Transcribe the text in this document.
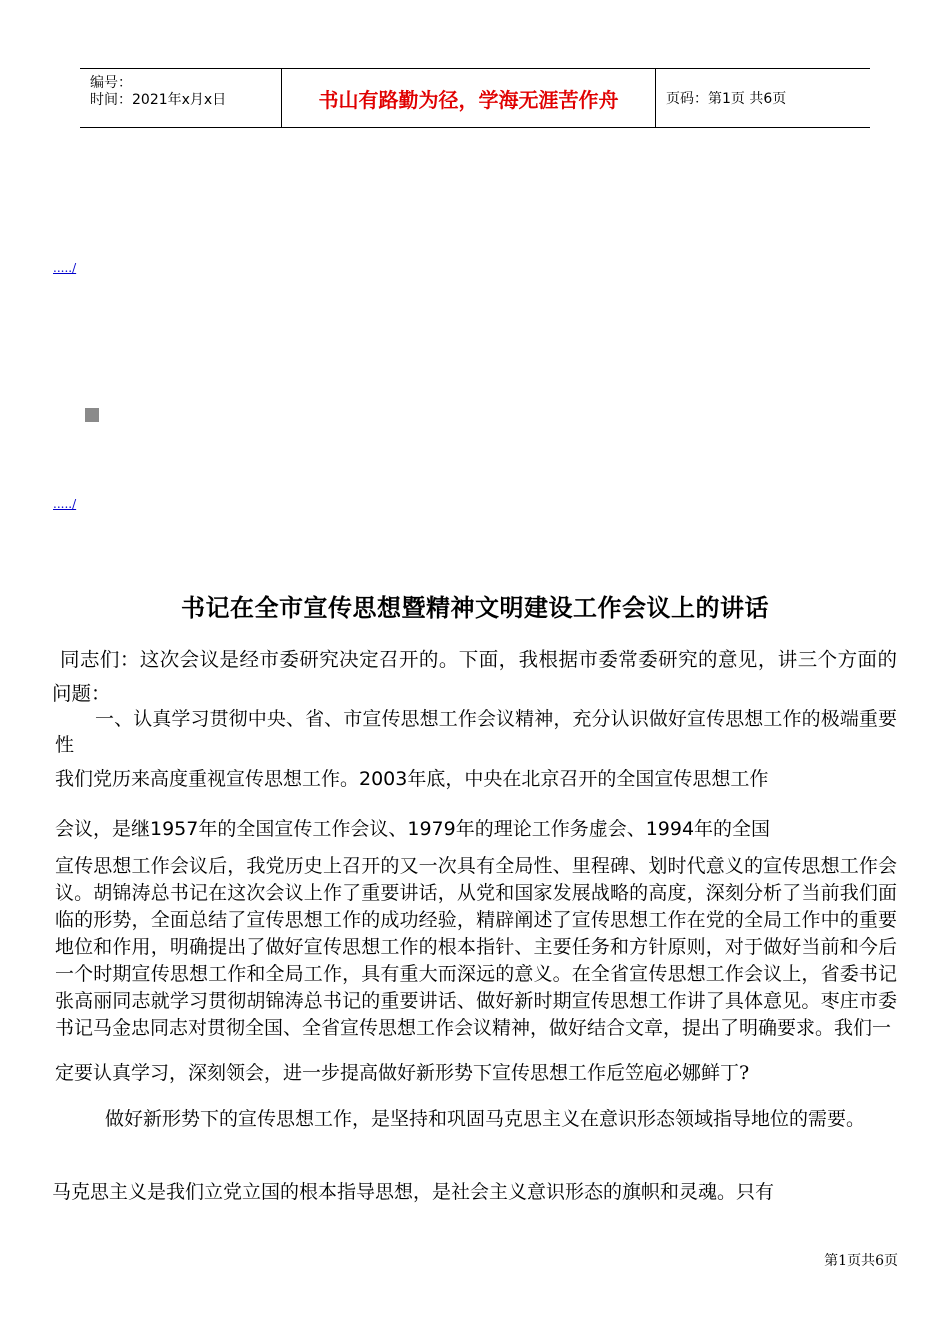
编号：
时间：2021年x月x日	书山有路勤为径，学海无涯苦作舟	页码：第1页 共6页
...../
...../
书记在全市宣传思想暨精神文明建设工作会议上的讲话
同志们：这次会议是经市委研究决定召开的。下面，我根据市委常委研究的意见，讲三个方面的问题：
一、认真学习贯彻中央、省、市宣传思想工作会议精神，充分认识做好宣传思想工作的极端重要性
我们党历来高度重视宣传思想工作。2003年底，中央在北京召开的全国宣传思想工作
会议，是继1957年的全国宣传工作会议、1979年的理论工作务虚会、1994年的全国
宣传思想工作会议后，我党历史上召开的又一次具有全局性、里程碑、划时代意义的宣传思想工作会议。胡锦涛总书记在这次会议上作了重要讲话，从党和国家发展战略的高度，深刻分析了当前我们面临的形势，全面总结了宣传思想工作的成功经验，精辟阐述了宣传思想工作在党的全局工作中的重要地位和作用，明确提出了做好宣传思想工作的根本指针、主要任务和方针原则，对于做好当前和今后一个时期宣传思想工作和全局工作，具有重大而深远的意义。在全省宣传思想工作会议上，省委书记张高丽同志就学习贯彻胡锦涛总书记的重要讲话、做好新时期宣传思想工作讲了具体意见。枣庄市委书记马金忠同志对贯彻全国、全省宣传思想工作会议精神，做好结合文章，提出了明确要求。我们一
定要认真学习，深刻领会，进一步提高做好新形势下宣传思想工作卮笠庖必娜鲜丁?
做好新形势下的宣传思想工作，是坚持和巩固马克思主义在意识形态领域指导地位的需要。
马克思主义是我们立党立国的根本指导思想，是社会主义意识形态的旗帜和灵魂。只有
第1页共6页
